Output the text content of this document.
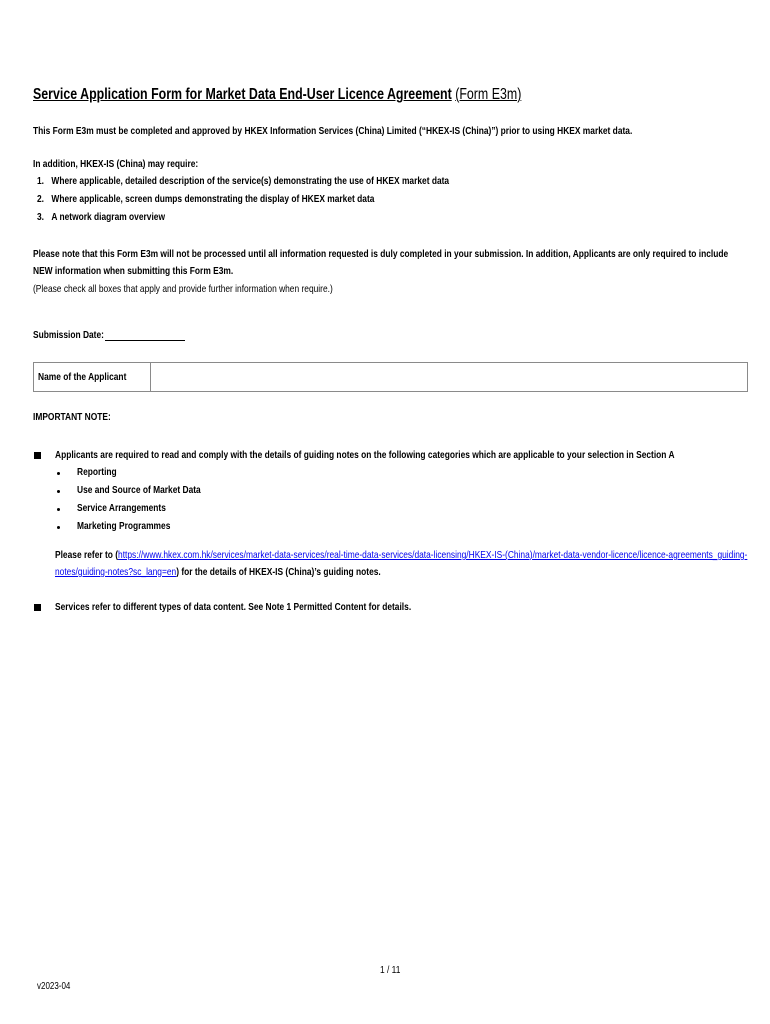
Service Application Form for Market Data End-User Licence Agreement (Form E3m)
This Form E3m must be completed and approved by HKEX Information Services (China) Limited (“HKEX-IS (China)”) prior to using HKEX market data.
In addition, HKEX-IS (China) may require:
1. Where applicable, detailed description of the service(s) demonstrating the use of HKEX market data
2. Where applicable, screen dumps demonstrating the display of HKEX market data
3. A network diagram overview
Please note that this Form E3m will not be processed until all information requested is duly completed in your submission. In addition, Applicants are only required to include NEW information when submitting this Form E3m.
(Please check all boxes that apply and provide further information when require.)
Submission Date:
Name of the Applicant
IMPORTANT NOTE:
Applicants are required to read and comply with the details of guiding notes on the following categories which are applicable to your selection in Section A
Reporting
Use and Source of Market Data
Service Arrangements
Marketing Programmes
Please refer to (https://www.hkex.com.hk/services/market-data-services/real-time-data-services/data-licensing/HKEX-IS-(China)/market-data-vendor-licence/licence-agreements_guiding-notes/guiding-notes?sc_lang=en) for the details of HKEX-IS (China)’s guiding notes.
Services refer to different types of data content. See Note 1 Permitted Content for details.
1 / 11
v2023-04
